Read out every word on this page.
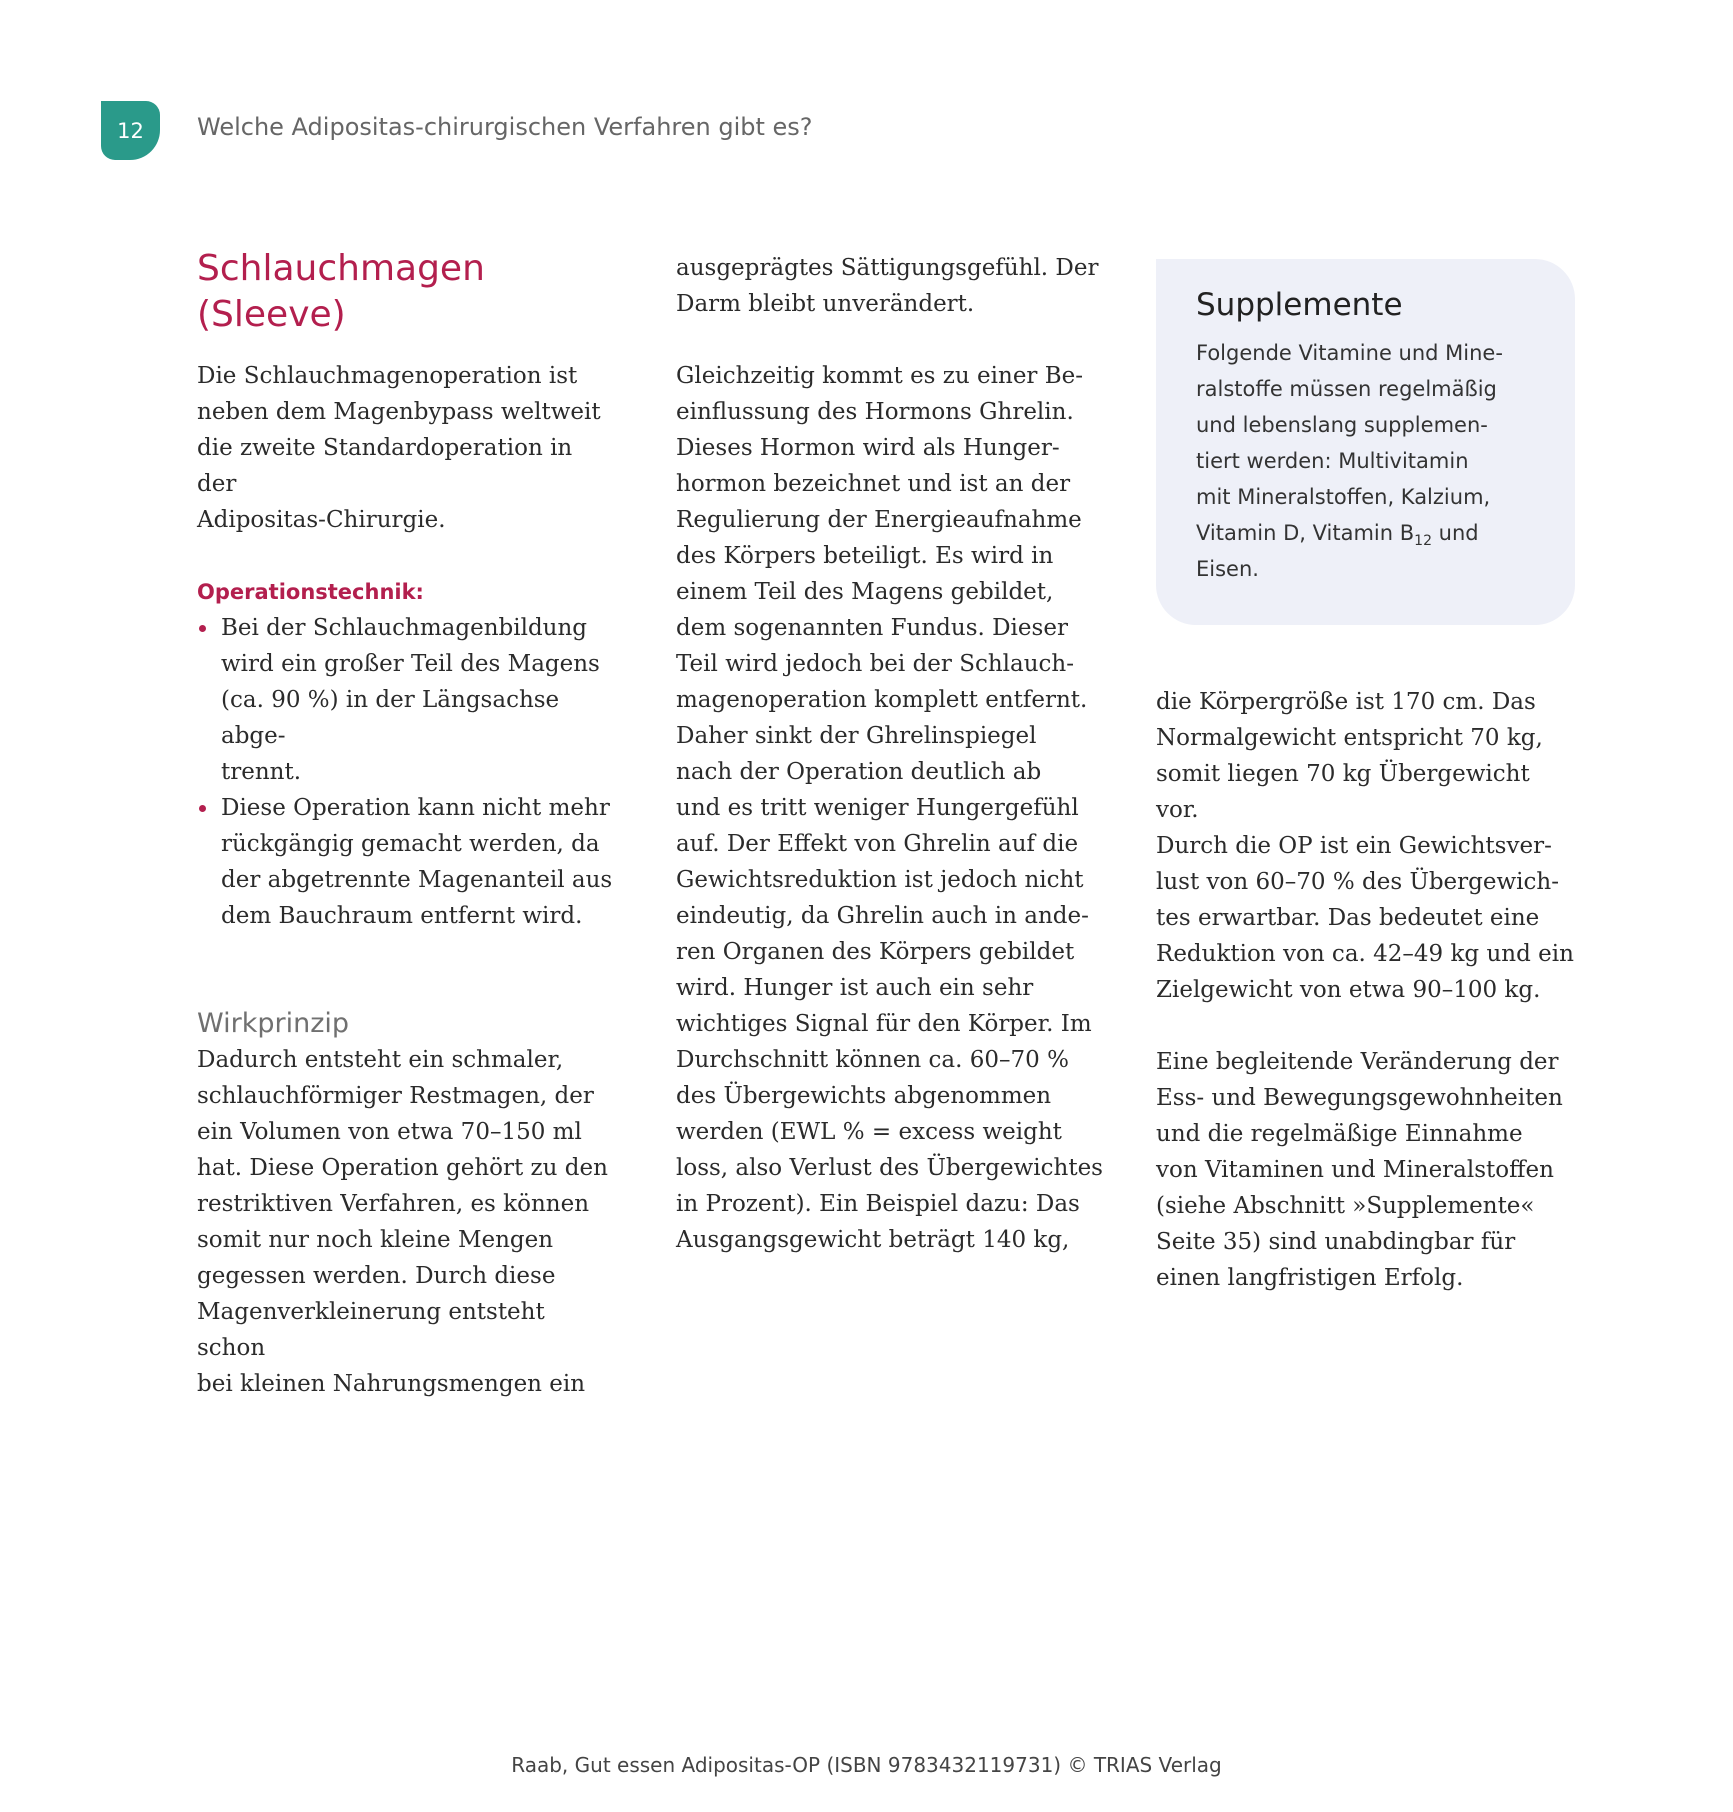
12	Welche Adipositas-chirurgischen Verfahren gibt es?
Schlauchmagen (Sleeve)

Die Schlauchmagenoperation ist
neben dem Magenbypass weltweit
die zweite Standardoperation in der
Adipositas-Chirurgie.

Operationstechnik:
Bei der Schlauchmagenbildung
wird ein großer Teil des Magens
(ca. 90 %) in der Längsachse abge-
trennt.
Diese Operation kann nicht mehr
rückgängig gemacht werden, da
der abgetrennte Magenanteil aus
dem Bauchraum entfernt wird.
Wirkprinzip

Dadurch entsteht ein schmaler,
schlauchförmiger Restmagen, der
ein Volumen von etwa 70–150 ml
hat. Diese Operation gehört zu den
restriktiven Verfahren, es können
somit nur noch kleine Mengen
gegessen werden. Durch diese
Magenverkleinerung entsteht schon
bei kleinen Nahrungsmengen ein

ausgeprägtes Sättigungsgefühl. Der
Darm bleibt unverändert.

Gleichzeitig kommt es zu einer Be-
einflussung des Hormons Ghrelin.
Dieses Hormon wird als Hunger-
hormon bezeichnet und ist an der
Regulierung der Energieaufnahme
des Körpers beteiligt. Es wird in
einem Teil des Magens gebildet,
dem sogenannten Fundus. Dieser
Teil wird jedoch bei der Schlauch-
magenoperation komplett entfernt.
Daher sinkt der Ghrelinspiegel
nach der Operation deutlich ab
und es tritt weniger Hungergefühl
auf. Der Effekt von Ghrelin auf die
Gewichtsreduktion ist jedoch nicht
eindeutig, da Ghrelin auch in ande-
ren Organen des Körpers gebildet
wird. Hunger ist auch ein sehr
wichtiges Signal für den Körper. Im
Durchschnitt können ca. 60–70 %
des Übergewichts abgenommen
werden (EWL % = excess weight
loss, also Verlust des Übergewichtes
in Prozent). Ein Beispiel dazu: Das
Ausgangsgewicht beträgt 140 kg,

Supplemente

Folgende Vitamine und Mine-
ralstoffe müssen regelmäßig
und lebenslang supplemen-
tiert werden: Multivitamin
mit Mineralstoffen, Kalzium,
Vitamin D, Vitamin $B_{12}$ und
Eisen.

die Körpergröße ist 170 cm. Das
Normalgewicht entspricht 70 kg,
somit liegen 70 kg Übergewicht vor.
Durch die OP ist ein Gewichtsver-
lust von 60–70 % des Übergewich-
tes erwartbar. Das bedeutet eine
Reduktion von ca. 42–49 kg und ein
Zielgewicht von etwa 90–100 kg.

Eine begleitende Veränderung der
Ess- und Bewegungsgewohnheiten
und die regelmäßige Einnahme
von Vitaminen und Mineralstoffen
(siehe Abschnitt »Supplemente«
Seite 35) sind unabdingbar für
einen langfristigen Erfolg.

Raab, Gut essen Adipositas-OP (ISBN 9783432119731) © TRIAS Verlag
